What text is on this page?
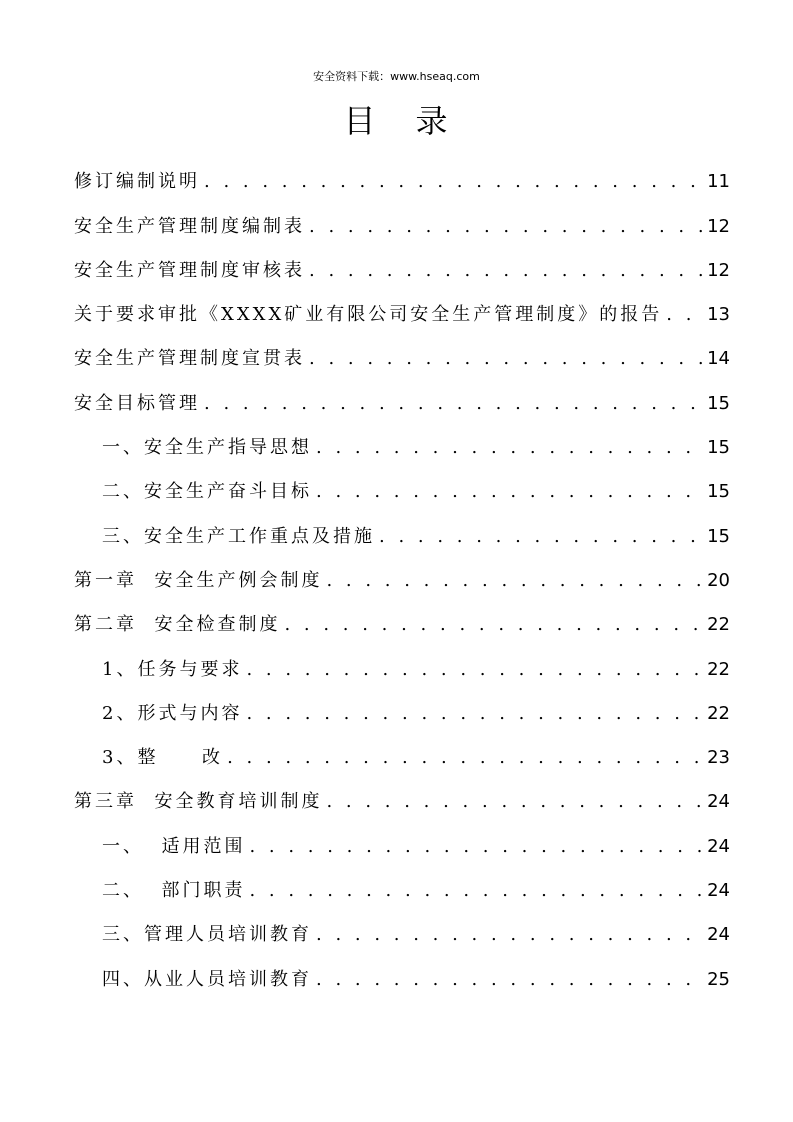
安全资料下载：www.hseaq.com
目 录
修订编制说明 . . .	11
安全生产管理制度编制表 . . .	12
安全生产管理制度审核表 . . .	12
关于要求审批《XXXX矿业有限公司安全生产管理制度》的报告 . . . 13
安全生产管理制度宣贯表 . . .	14
安全目标管理 . . .	15
一、安全生产指导思想 . . .	15
二、安全生产奋斗目标 . . .	15
三、安全生产工作重点及措施 . . .	15
第一章  安全生产例会制度 . . .	20
第二章  安全检查制度 . . .	22
1、任务与要求 . . .	22
2、形式与内容 . . .	22
3、整     改 . . .	23
第三章  安全教育培训制度 . . .	24
一、  适用范围 . . .	24
二、  部门职责 . . .	24
三、管理人员培训教育 . . .	24
四、从业人员培训教育 . . .	25
